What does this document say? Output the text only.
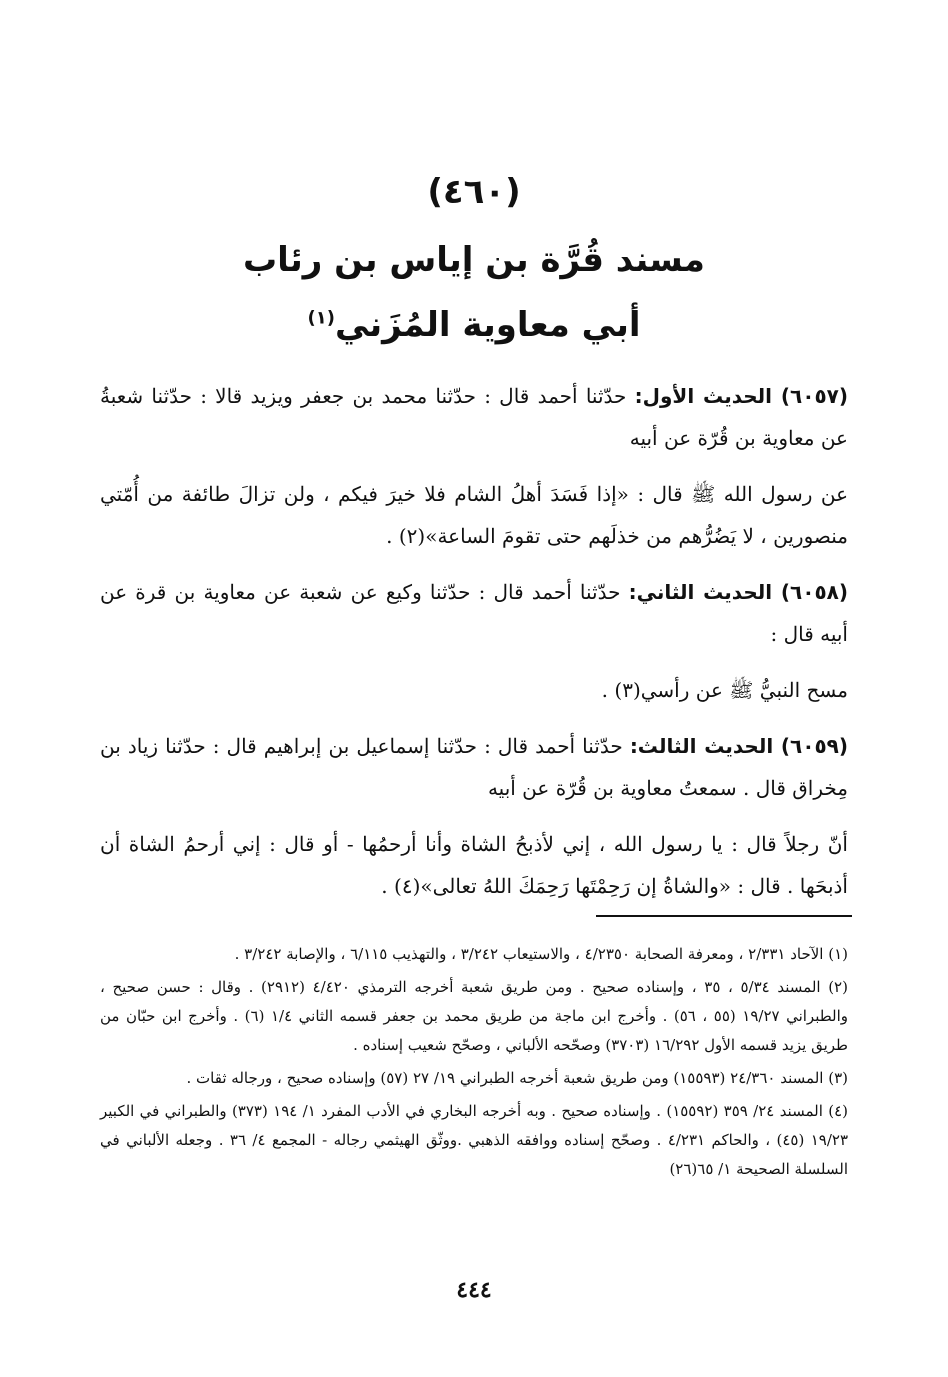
(٤٦٠)
مسند قُرَّة بن إياس بن رئاب
أبي معاوية المُزَني$^{(١)}$

(٦٠٥٧) الحديث الأول: حدّثنا أحمد قال : حدّثنا محمد بن جعفر ويزيد قالا : حدّثنا شعبةُ عن معاوية بن قُرّة عن أبيه

عن رسول الله ﷺ قال : «إذا فَسَدَ أهلُ الشام فلا خيرَ فيكم ، ولن تزالَ طائفة من أُمّتي منصورين ، لا يَضُرُّهم من خذلَهم حتى تقومَ الساعة»(٢) .

(٦٠٥٨) الحديث الثاني: حدّثنا أحمد قال : حدّثنا وكيع عن شعبة عن معاوية بن قرة عن أبيه قال :

مسح النبيُّ ﷺ عن رأسي(٣) .

(٦٠٥٩) الحديث الثالث: حدّثنا أحمد قال : حدّثنا إسماعيل بن إبراهيم قال : حدّثنا زياد بن مِخراق قال . سمعتُ معاوية بن قُرّة عن أبيه

أنّ رجلاً قال : يا رسول الله ، إني لأذبحُ الشاة وأنا أرحمُها - أو قال : إني أرحمُ الشاة أن أذبحَها . قال : «والشاةُ إن رَحِمْتَها رَحِمَكَ اللهُ تعالى»(٤) .

(١) الآحاد ٢/٣٣١ ، ومعرفة الصحابة ٤/٢٣٥٠ ، والاستيعاب ٣/٢٤٢ ، والتهذيب ٦/١١٥ ، والإصابة ٣/٢٤٢ .

(٢) المسند ٥/٣٤ ، ٣٥ ، وإسناده صحيح . ومن طريق شعبة أخرجه الترمذي ٤/٤٢٠ (٢٩١٢) . وقال : حسن صحيح ، والطبراني ١٩/٢٧ (٥٥ ، ٥٦) . وأخرج ابن ماجة من طريق محمد بن جعفر قسمه الثاني ١/٤ (٦) . وأخرج ابن حبّان من طريق يزيد قسمه الأول ١٦/٢٩٢ (٣٧٠٣) وصحّحه الألباني ، وصحّح شعيب إسناده .

(٣) المسند ٢٤/٣٦٠ (١٥٥٩٣) ومن طريق شعبة أخرجه الطبراني ١٩/ ٢٧ (٥٧) وإسناده صحيح ، ورجاله ثقات .

(٤) المسند ٢٤/ ٣٥٩ (١٥٥٩٢) . وإسناده صحيح . وبه أخرجه البخاري في الأدب المفرد ١/ ١٩٤ (٣٧٣) والطبراني في الكبير ١٩/٢٣ (٤٥) ، والحاكم ٤/٢٣١ . وصحّح إسناده ووافقه الذهبي .ووثّق الهيثمي رجاله - المجمع ٤/ ٣٦ . وجعله الألباني في السلسلة الصحيحة ١/ ٦٥(٢٦)

٤٤٤
